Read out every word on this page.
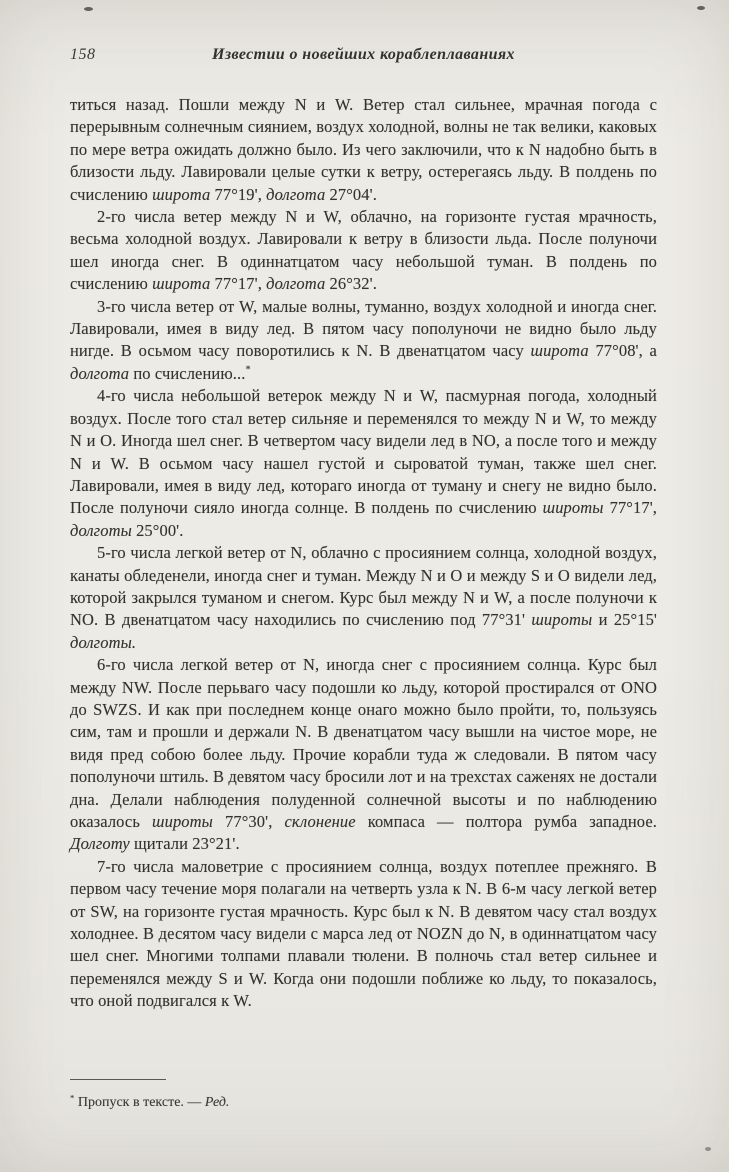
158	Известии о новейших кораблеплаваниях

титься назад. Пошли между N и W. Ветер стал сильнее, мрачная погода с перерывным солнечным сиянием, воздух холодной, волны не так велики, каковых по мере ветра ожидать должно было. Из чего заключили, что к N надобно быть в близости льду. Лавировали целые сутки к ветру, остерегаясь льду. В полдень по счислению широта 77°19', долгота 27°04'.

2-го числа ветер между N и W, облачно, на горизонте густая мрачность, весьма холодной воздух. Лавировали к ветру в близости льда. После полуночи шел иногда снег. В одиннатцатом часу небольшой туман. В полдень по счислению широта 77°17', долгота 26°32'.

3-го числа ветер от W, малые волны, туманно, воздух холодной и иногда снег. Лавировали, имея в виду лед. В пятом часу пополуночи не видно было льду нигде. В осьмом часу поворотились к N. В двенатцатом часу широта 77°08', а долгота по счислению...*

4-го числа небольшой ветерок между N и W, пасмурная погода, холодный воздух. После того стал ветер сильняе и переменялся то между N и W, то между N и O. Иногда шел снег. В четвертом часу видели лед в NO, а после того и между N и W. В осьмом часу нашел густой и сыроватой туман, также шел снег. Лавировали, имея в виду лед, котораго иногда от туману и снегу не видно было. После полуночи сияло иногда солнце. В полдень по счислению широты 77°17', долготы 25°00'.

5-го числа легкой ветер от N, облачно с просиянием солнца, холодной воздух, канаты обледенели, иногда снег и туман. Между N и O и между S и O видели лед, которой закрылся туманом и снегом. Курс был между N и W, а после полуночи к NO. В двенатцатом часу находились по счислению под 77°31' широты и 25°15' долготы.

6-го числа легкой ветер от N, иногда снег с просиянием солнца. Курс был между NW. После перьваго часу подошли ко льду, которой простирался от ONO до SWZS. И как при последнем конце онаго можно было пройти, то, пользуясь сим, там и прошли и держали N. В двенатцатом часу вышли на чистое море, не видя пред собою более льду. Прочие корабли туда ж следовали. В пятом часу пополуночи штиль. В девятом часу бросили лот и на трехстах саженях не достали дна. Делали наблюдения полуденной солнечной высоты и по наблюдению оказалось широты 77°30', склонение компаса — полтора румба западное. Долготу щитали 23°21'.

7-го числа маловетрие с просиянием солнца, воздух потеплее прежняго. В первом часу течение моря полагали на четверть узла к N. В 6-м часу легкой ветер от SW, на горизонте густая мрачность. Курс был к N. В девятом часу стал воздух холоднее. В десятом часу видели с марса лед от NOZN до N, в одиннатцатом часу шел снег. Многими толпами плавали тюлени. В полночь стал ветер сильнее и переменялся между S и W. Когда они подошли поближе ко льду, то показалось, что оной подвигался к W.

* Пропуск в тексте. — Ред.
